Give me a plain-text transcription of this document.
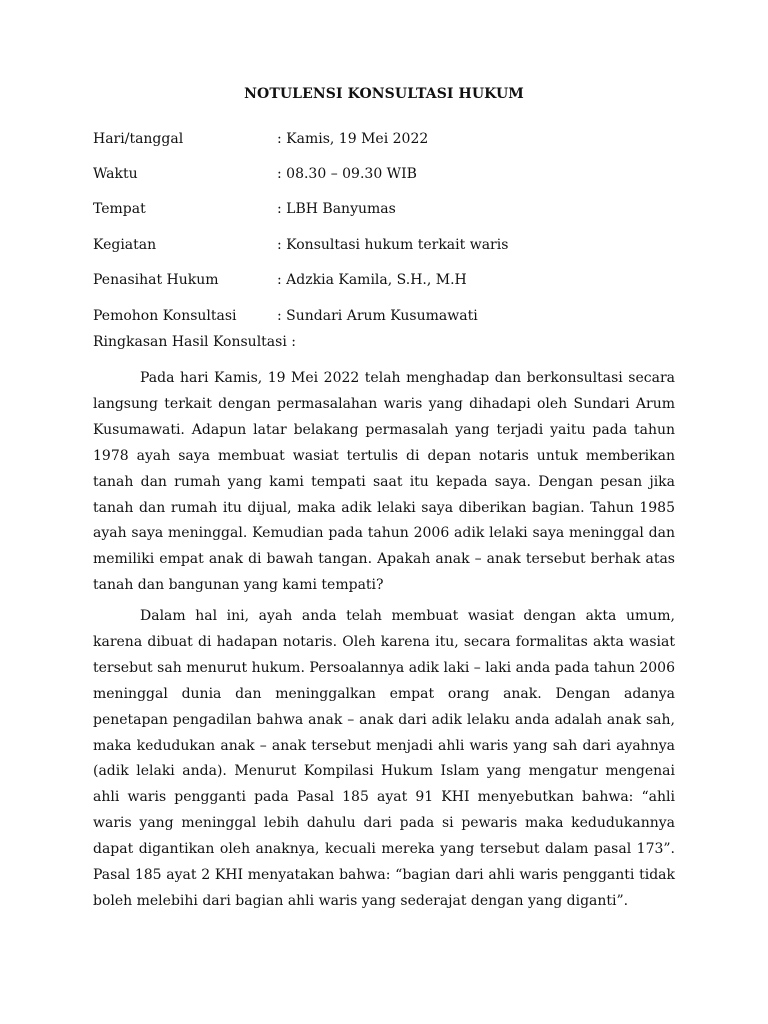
NOTULENSI KONSULTASI HUKUM
Hari/tanggal	: Kamis, 19 Mei 2022
Waktu	: 08.30 – 09.30 WIB
Tempat	: LBH Banyumas
Kegiatan	: Konsultasi hukum terkait waris
Penasihat Hukum	: Adzkia Kamila, S.H., M.H
Pemohon Konsultasi	: Sundari Arum Kusumawati
Ringkasan Hasil Konsultasi :

Pada hari Kamis, 19 Mei 2022 telah menghadap dan berkonsultasi secara langsung terkait dengan permasalahan waris yang dihadapi oleh Sundari Arum Kusumawati. Adapun latar belakang permasalah yang terjadi yaitu pada tahun 1978 ayah saya membuat wasiat tertulis di depan notaris untuk memberikan tanah dan rumah yang kami tempati saat itu kepada saya. Dengan pesan jika tanah dan rumah itu dijual, maka adik lelaki saya diberikan bagian. Tahun 1985 ayah saya meninggal. Kemudian pada tahun 2006 adik lelaki saya meninggal dan memiliki empat anak di bawah tangan. Apakah anak – anak tersebut berhak atas tanah dan bangunan yang kami tempati?

Dalam hal ini, ayah anda telah membuat wasiat dengan akta umum, karena dibuat di hadapan notaris. Oleh karena itu, secara formalitas akta wasiat tersebut sah menurut hukum. Persoalannya adik laki – laki anda pada tahun 2006 meninggal dunia dan meninggalkan empat orang anak. Dengan adanya penetapan pengadilan bahwa anak – anak dari adik lelaku anda adalah anak sah, maka kedudukan anak – anak tersebut menjadi ahli waris yang sah dari ayahnya (adik lelaki anda). Menurut Kompilasi Hukum Islam yang mengatur mengenai ahli waris pengganti pada Pasal 185 ayat 91 KHI menyebutkan bahwa: “ahli waris yang meninggal lebih dahulu dari pada si pewaris maka kedudukannya dapat digantikan oleh anaknya, kecuali mereka yang tersebut dalam pasal 173”. Pasal 185 ayat 2 KHI menyatakan bahwa: “bagian dari ahli waris pengganti tidak boleh melebihi dari bagian ahli waris yang sederajat dengan yang diganti”.
